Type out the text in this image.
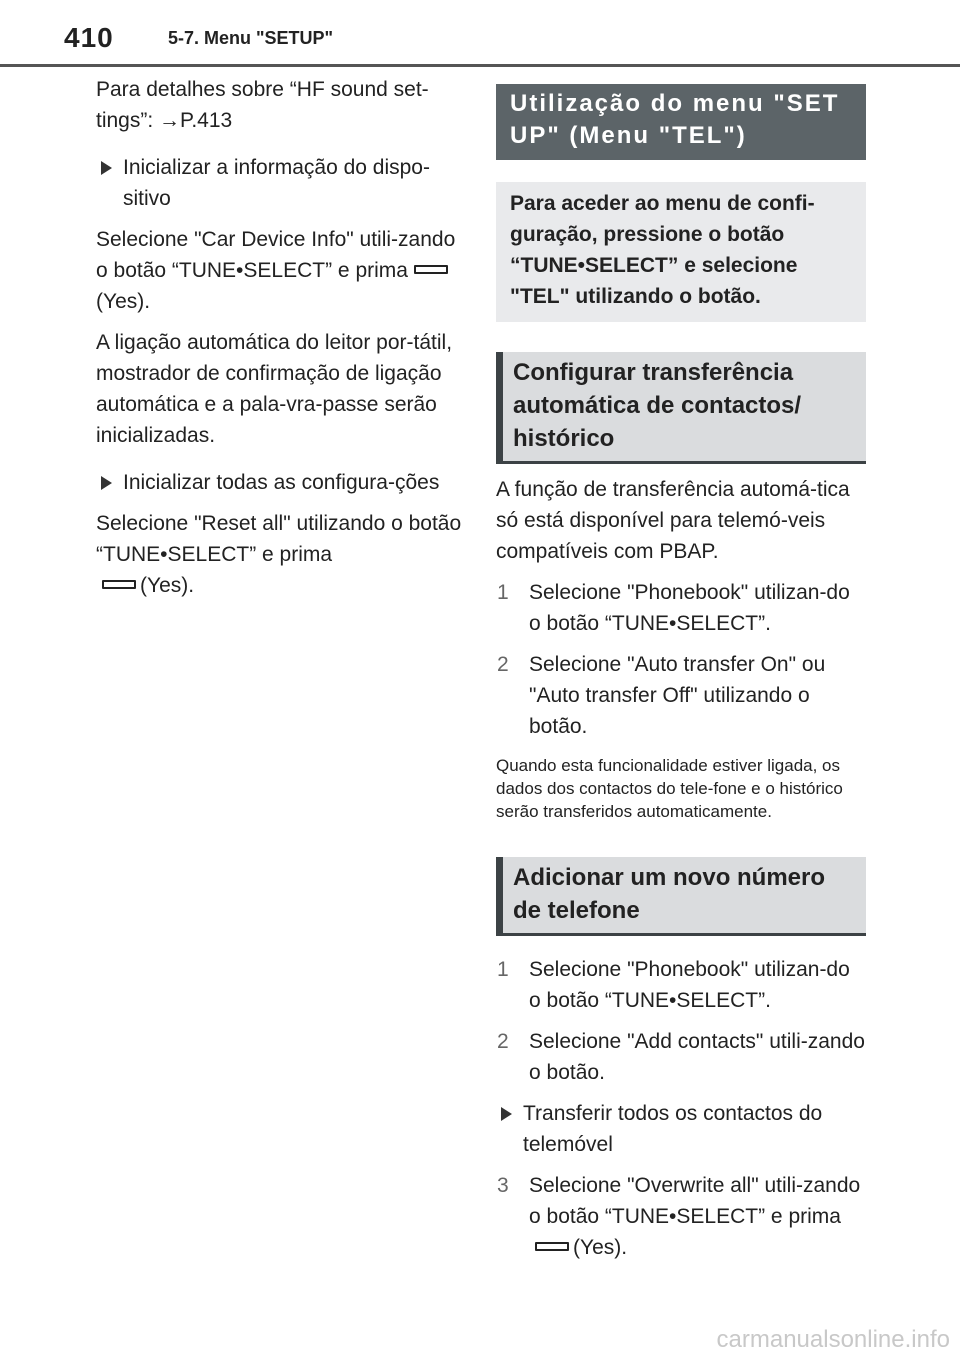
410	5-7. Menu "SETUP"

Para detalhes sobre “HF sound set-tings”: →P.413

Inicializar a informação do dispo-sitivo

Selecione "Car Device Info" utili-zando o botão “TUNE•SELECT” e prima(Yes).

A ligação automática do leitor por-tátil, mostrador de confirmação de ligação automática e a pala-vra-passe serão inicializadas.

Inicializar todas as configura-ções

Selecione "Reset all" utilizando o botão “TUNE•SELECT” e prima
(Yes).

Utilização do menu "SET UP" (Menu "TEL")

Para aceder ao menu de confi-guração, pressione o botão “TUNE•SELECT” e selecione "TEL" utilizando o botão.

Configurar transferência automática de contactos/ histórico

A função de transferência automá-tica só está disponível para telemó-veis compatíveis com PBAP.

1 Selecione "Phonebook" utilizan-do o botão “TUNE•SELECT”.
2 Selecione "Auto transfer On" ou "Auto transfer Off" utilizando o botão.

Quando esta funcionalidade estiver ligada, os dados dos contactos do tele-fone e o histórico serão transferidos automaticamente.

Adicionar um novo número de telefone
1 Selecione "Phonebook" utilizan-do o botão “TUNE•SELECT”.
2 Selecione "Add contacts" utili-zando o botão.
Transferir todos os contactos do telemóvel
3 Selecione "Overwrite all" utili-zando o botão “TUNE•SELECT” e prima(Yes).
carmanualsonline.info
